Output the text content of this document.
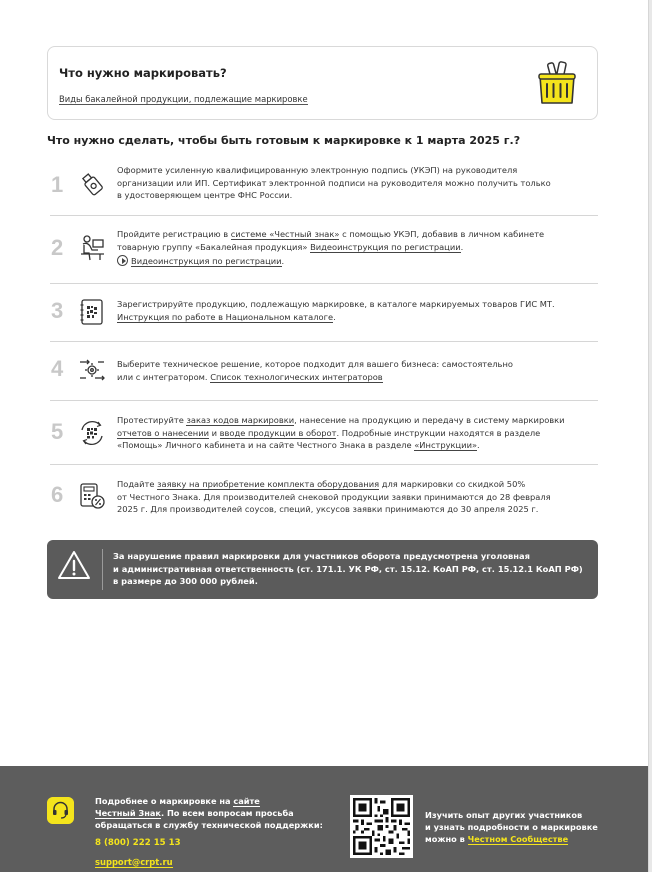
Что нужно маркировать?
Виды бакалейной продукции, подлежащие маркировке
Что нужно сделать, чтобы быть готовым к маркировке к 1 марта 2025 г.?
1
Оформите усиленную квалифицированную электронную подпись (УКЭП) на руководителя
организации или ИП. Сертификат электронной подписи на руководителя можно получить только
в удостоверяющем центре ФНС России.
2
Пройдите регистрацию в системе «Честный знак» с помощью УКЭП, добавив в личном кабинете
товарную группу «Бакалейная продукция» Видеоинструкция по регистрации.
Видеоинструкция по регистрации.
3	Зарегистрируйте продукцию, подлежащую маркировке, в каталоге маркируемых товаров ГИС МТ.
Инструкция по работе в Национальном каталоге.
4	Выберите техническое решение, которое подходит для вашего бизнеса: самостоятельно
или с интегратором. Список технологических интеграторов
5	Протестируйте заказ кодов маркировки, нанесение на продукцию и передачу в систему маркировки
отчетов о нанесении и вводе продукции в оборот. Подробные инструкции находятся в разделе
«Помощь» Личного кабинета и на сайте Честного Знака в разделе «Инструкции».
6	Подайте заявку на приобретение комплекта оборудования для маркировки со скидкой 50%
от Честного Знака. Для производителей снековой продукции заявки принимаются до 28 февраля
2025 г. Для производителей соусов, специй, уксусов заявки принимаются до 30 апреля 2025 г.
За нарушение правил маркировки для участников оборота предусмотрена уголовная
и административная ответственность (ст. 171.1. УК РФ, ст. 15.12. КоАП РФ, ст. 15.12.1 КоАП РФ)
в размере до 300 000 рублей.
Подробнее о маркировке на сайте
Честный Знак. По всем вопросам просьба
обращаться в службу технической поддержки:
8 (800) 222 15 13
support@crpt.ru
Изучить опыт других участников
и узнать подробности о маркировке
можно в Честном Сообществе
